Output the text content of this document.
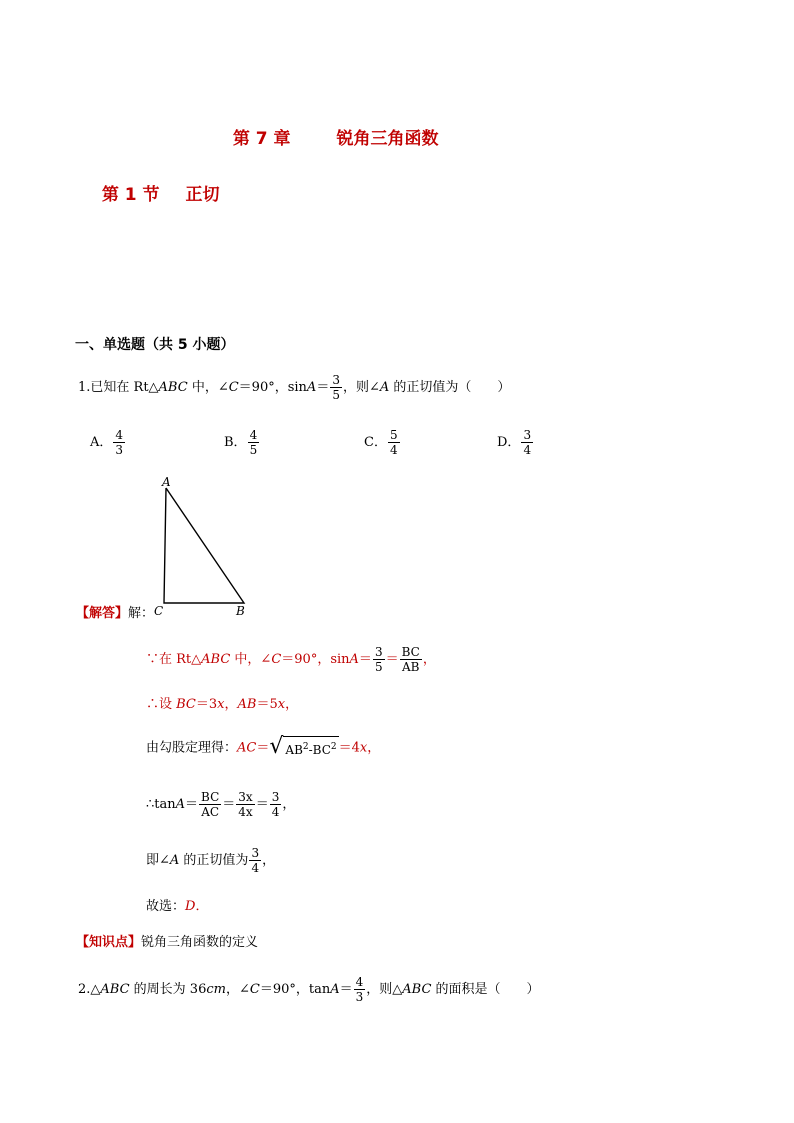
第 7 章	锐角三角函数

第 1 节 正切

一、单选题（共 5 小题）
1.已知在 Rt△ABC 中，∠C＝90°，$\sin A= \frac{3}{5}$ ，则∠A 的正切值为（　　）
A． $\frac{4}{3}$	B． $\frac{4}{5}$	C． $\frac{5}{4}$	D． $\frac{3}{4}$
A
C	B
【解答】解：
∵在 Rt△ABC 中，∠C＝90°，$\sin A= \frac{3}{5} = \frac{BC}{AB}$ ，
∴设 BC＝3x，AB＝5x，
由勾股定理得：AC＝ √ $AB^2-BC^2 =4x$，
∴tanA＝ $\frac{BC}{AC} = \frac{3x}{4x} = \frac{3}{4}$ ，
即∠A 的正切值为 $\frac{3}{4}$ ，
故选：D．
【知识点】锐角三角函数的定义
2.△ABC 的周长为 36cm，∠C＝90°，$\tan A= \frac{4}{3}$ ，则△ABC 的面积是（　　）
